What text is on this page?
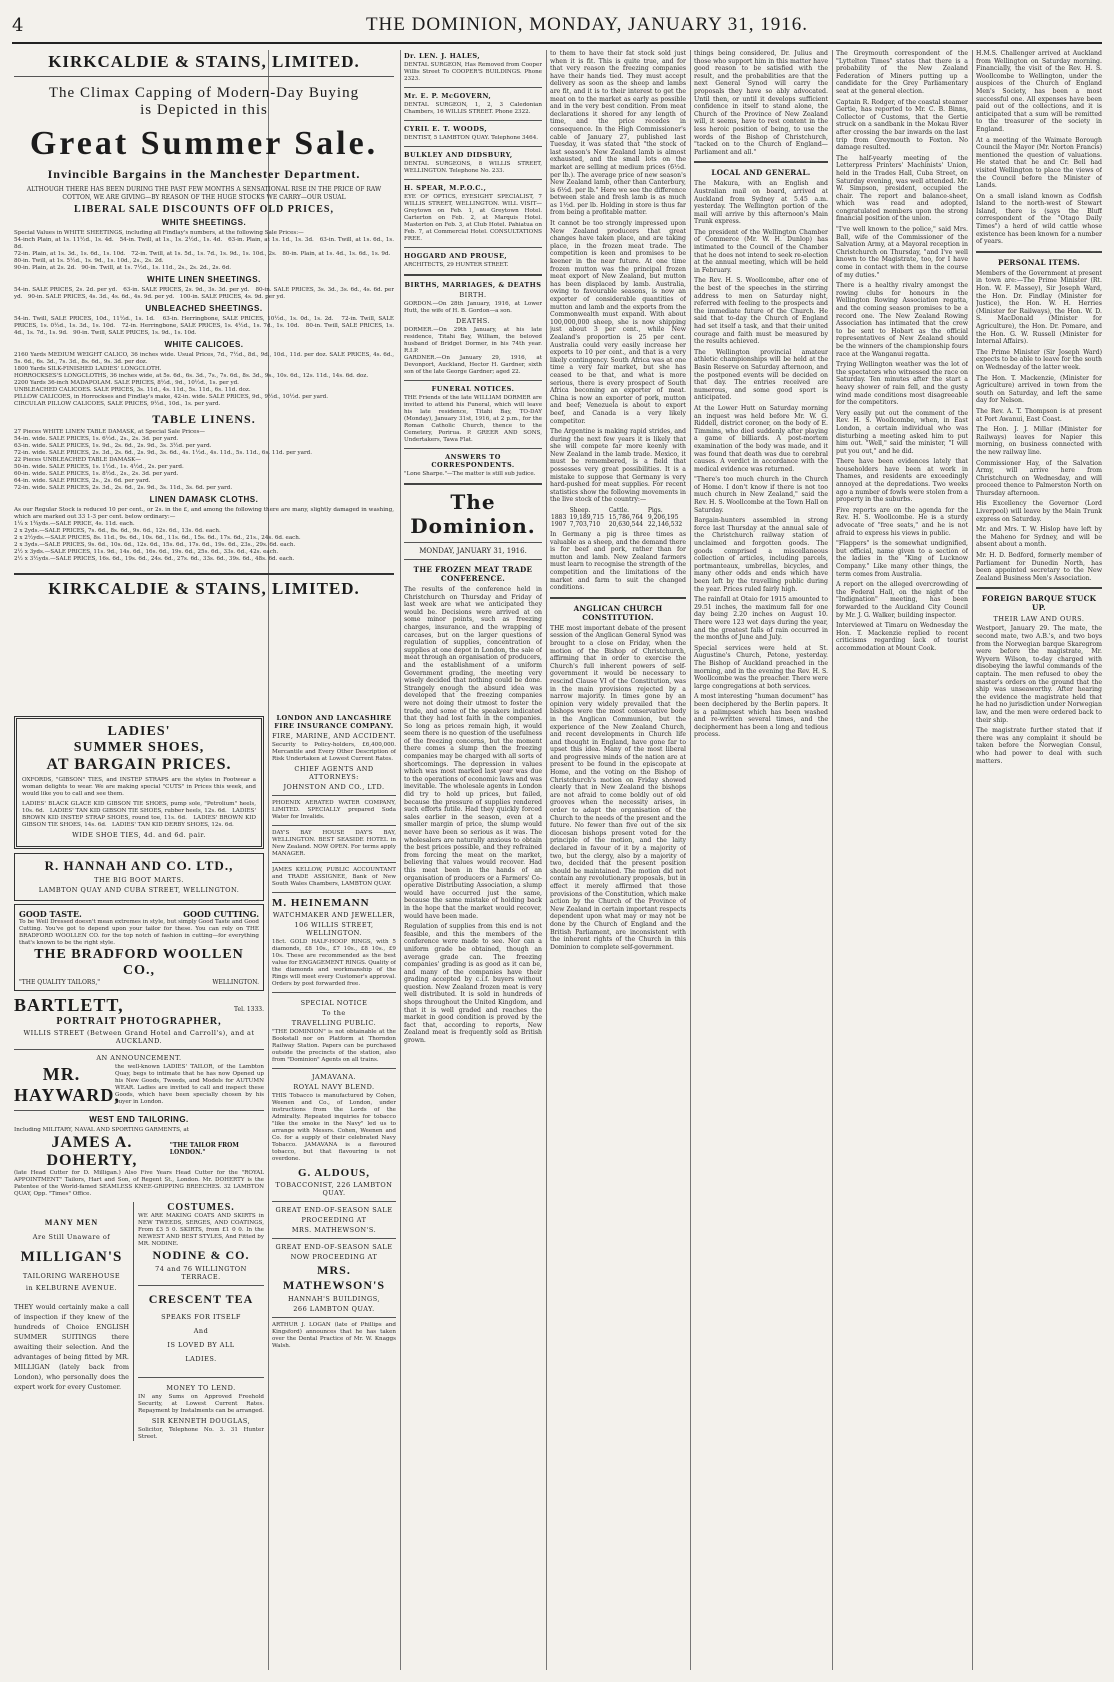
4	THE DOMINION, MONDAY, JANUARY 31, 1916.
KIRKCALDIE & STAINS, LIMITED.
The Climax Capping of Modern-Day Buying
is Depicted in this
Great Summer Sale.
Invincible Bargains in the Manchester Department.
ALTHOUGH THERE HAS BEEN DURING THE PAST FEW MONTHS A SENSATIONAL RISE IN THE PRICE OF RAW COTTON, WE ARE GIVING—BY REASON OF THE HUGE STOCKS WE CARRY—OUR USUAL
LIBERAL SALE DISCOUNTS OFF OLD PRICES,
WHITE SHEETINGS.
Special Values in WHITE SHEETINGS, including all Findlay's numbers, at the following Sale Prices:—
54-inch Plain, at 1s. 11½d., 1s. 4d.   54-in. Twill, at 1s., 1s. 2½d., 1s. 4d.   63-in. Plain, at 1s. 1d., 1s. 3d.   63-in. Twill, at 1s. 6d., 1s. 8d.
72-in. Plain, at 1s. 3d., 1s. 6d., 1s. 10d.   72-in. Twill, at 1s. 5d., 1s. 7d., 1s. 9d., 1s. 10d., 2s.   80-in. Plain, at 1s. 4d., 1s. 6d., 1s. 9d.   80-in. Twill, at 1s. 5½d., 1s. 9d., 1s. 10d., 2s., 2s. 2d.
90-in. Plain, at 2s. 2d.   90-in. Twill, at 1s. 7½d., 1s. 11d., 2s., 2s. 2d., 2s. 6d.
WHITE LINEN SHEETINGS.
54-in. SALE PRICES, 2s. 2d. per yd.   63-in. SALE PRICES, 2s. 9d., 3s. 3d. per yd.   80-in. SALE PRICES, 3s. 3d., 3s. 6d., 4s. 6d. per yd.   90-in. SALE PRICES, 4s. 3d., 4s. 6d., 4s. 9d. per yd.   100-in. SALE PRICES, 4s. 9d. per yd.
UNBLEACHED SHEETINGS.
54-in. Twill, SALE PRICES, 10d., 11½d., 1s. 1d.   63-in. Herringbone, SALE PRICES, 10½d., 1s. 0d., 1s. 2d.   72-in. Twill, SALE PRICES, 1s. 0½d., 1s. 3d., 1s. 10d.   72-in. Herringbone, SALE PRICES, 1s. 4½d., 1s. 7d., 1s. 10d.   80-in. Twill, SALE PRICES, 1s. 4d., 1s. 7d., 1s. 9d.   90-in. Twill, SALE PRICES, 1s. 9d., 1s. 10d.
WHITE CALICOES.
2160 Yards MEDIUM WEIGHT CALICO, 36 inches wide. Usual Prices, 7d., 7½d., 8d., 9d., 10d., 11d. per doz. SALE PRICES, 4s. 6d., 5s. 6d., 6s. 3d., 7s. 3d., 8s. 6d., 9s. 3d. per doz.
1800 Yards SILK-FINISHED LADIES' LONGCLOTH.
HORROCKSES'S LONGCLOTHS, 36 inches wide, at 5s. 6d., 6s. 3d., 7s., 7s. 6d., 8s. 3d., 9s., 10s. 6d., 12s. 11d., 14s. 6d. doz.
2200 Yards 36-inch MADAPOLAM. SALE PRICES, 8½d., 9d., 10½d., 1s. per yd.
UNBLEACHED CALICOES. SALE PRICES, 3s. 11d., 4s. 11d., 5s. 11d., 6s. 11d. doz.
PILLOW CALICOES, in Horrockses and Findlay's make, 42-in. wide. SALE PRICES, 9d., 9½d., 10½d. per yard.
CIRCULAR PILLOW CALICOES, SALE PRICES, 9½d., 10d., 1s. per yard.
TABLE LINENS.
27 Pieces WHITE LINEN TABLE DAMASK, at Special Sale Prices—
54-in. wide. SALE PRICES, 1s. 6½d., 2s., 2s. 3d. per yard.
63-in. wide. SALE PRICES, 1s. 9d., 2s. 6d., 2s. 9d., 3s. 3½d. per yard.
72-in. wide. SALE PRICES, 2s. 3d., 2s. 6d., 2s. 9d., 3s. 6d., 4s. 1½d., 4s. 11d., 5s. 11d., 6s. 11d. per yard.
22 Pieces UNBLEACHED TABLE DAMASK—
50-in. wide. SALE PRICES, 1s. 1½d., 1s. 4½d., 2s. per yard.
60-in. wide. SALE PRICES, 1s. 8½d., 2s., 2s. 3d. per yard.
64-in. wide. SALE PRICES, 2s., 2s. 6d. per yard.
72-in. wide. SALE PRICES, 2s. 3d., 2s. 6d., 2s. 9d., 3s. 11d., 3s. 6d. per yard.
LINEN DAMASK CLOTHS.
As our Regular Stock is reduced 10 per cent., or 2s. in the £, and among the following there are many, slightly damaged in washing, which are marked out 33 1-3 per cent. below ordinary:—
1¼ x 1¾yds.—SALE PRICE, 4s. 11d. each.
2 x 2yds.—SALE PRICES, 7s. 6d., 8s. 6d., 9s. 6d., 12s. 6d., 13s. 6d. each.
2 x 2½yds.—SALE PRICES, 8s. 11d., 9s. 6d., 10s. 6d., 11s. 6d., 15s. 6d., 17s. 6d., 21s., 24s. 6d. each.
2 x 3yds.—SALE PRICES, 9s. 6d., 10s. 6d., 12s. 6d., 15s. 6d., 17s. 6d., 19s. 6d., 23s., 29s. 6d. each.
2½ x 3yds.—SALE PRICES, 11s. 9d., 14s. 6d., 16s. 6d., 19s. 6d., 25s. 6d., 33s. 6d., 42s. each.
2½ x 3½yds.—SALE PRICES, 16s. 6d., 19s. 6d., 24s. 6d., 27s. 6d., 33s. 6d., 39s. 6d., 48s. 6d. each.
KIRKCALDIE & STAINS, LIMITED.
LADIES'
SUMMER SHOES,
AT BARGAIN PRICES.
OXFORDS, "GIBSON" TIES, and INSTEP STRAPS are the styles in Footwear a woman delights to wear. We are making special "CUTS" in Prices this week, and would like you to call and see them.
LADIES' BLACK GLACE KID GIBSON TIE SHOES, pump sole, "Petrolium" heels, 10s. 6d.   LADIES' TAN KID GIBSON TIE SHOES, rubber heels, 12s. 6d.   LADIES' BROWN KID INSTEP STRAP SHOES, round toe, 11s. 6d.   LADIES' BROWN KID GIBSON TIE SHOES, 14s. 6d.   LADIES' TAN KID DERBY SHOES, 12s. 6d.
WIDE SHOE TIES, 4d. and 6d. pair.
R. HANNAH AND CO. LTD.,
THE BIG BOOT MARTS.
LAMBTON QUAY AND CUBA STREET, WELLINGTON.
GOOD TASTE.	GOOD CUTTING.
To be Well Dressed doesn't mean extremes in style, but simply Good Taste and Good Cutting. You've got to depend upon your tailor for these. You can rely on THE BRADFORD WOOLLEN CO. for the top notch of fashion in cutting—for everything that's known to be the right style.
THE BRADFORD WOOLLEN CO.,
"THE QUALITY TAILORS,"	WELLINGTON.
BARTLETT,	Tel. 1333.
PORTRAIT PHOTOGRAPHER,
WILLIS STREET (Between Grand Hotel and Carroll's), and at AUCKLAND.
AN ANNOUNCEMENT.
MR. HAYWARD,
the well-known LADIES' TAILOR, of the Lambton Quay, begs to intimate that he has now Opened up his New Goods, Tweeds, and Models for AUTUMN WEAR. Ladies are invited to call and inspect these Goods, which have been specially chosen by his buyer in London.
WEST END TAILORING.
Including MILITARY, NAVAL AND SPORTING GARMENTS, at
JAMES A. DOHERTY,
"THE TAILOR FROM LONDON."
(late Head Cutter for D. Milligan.) Also Five Years Head Cutter for the "ROYAL APPOINTMENT" Tailors, Hart and Son, of Regent St., London. Mr. DOHERTY is the Patentee of the World-famed SEAMLESS KNEE-GRIPPING BREECHES. 32 LAMBTON QUAY, Opp. "Times" Office.
MANY MEN
Are Still Unaware of
MILLIGAN'S
TAILORING WAREHOUSE
in KELBURNE AVENUE.
THEY would certainly make a call of inspection if they knew of the hundreds of Choice ENGLISH SUMMER SUITINGS there awaiting their selection. And the advantages of being fitted by MR. MILLIGAN (lately back from London), who personally does the expert work for every Customer.
COSTUMES.
WE ARE MAKING COATS AND SKIRTS in NEW TWEEDS, SERGES, AND COATINGS, From £3 5 0. SKIRTS, from £1 0 0. In the NEWEST AND BEST STYLES, And Fitted by MR. NODINE.
NODINE & CO.
74 and 76 WILLINGTON TERRACE.
CRESCENT TEA
SPEAKS FOR ITSELF
And
IS LOVED BY ALL
LADIES.
MONEY TO LEND.
IN any Sums on Approved Freehold Security, at Lowest Current Rates. Repayment by Instalments can be arranged.
SIR KENNETH DOUGLAS,
Solicitor, Telephone No. 3. 31 Hunter Street.
LONDON AND LANCASHIRE FIRE INSURANCE COMPANY.
FIRE, MARINE, AND ACCIDENT.
Security to Policy-holders, £6,400,000. Mercantile and Every Other Description of Risk Undertaken at Lowest Current Rates.
CHIEF AGENTS AND ATTORNEYS:
JOHNSTON AND CO., LTD.
PHOENIX AERATED WATER COMPANY, LIMITED. SPECIALLY prepared Soda Water for Invalids.
DAY'S BAY HOUSE DAY'S BAY, WELLINGTON. BEST SEASIDE HOTEL in New Zealand. NOW OPEN. For terms apply MANAGER.
JAMES KELLOW, PUBLIC ACCOUNTANT and TRADE ASSIGNEE, Bank of New South Wales Chambers, LAMBTON QUAY.
M. HEINEMANN
WATCHMAKER AND JEWELLER,
106 WILLIS STREET, WELLINGTON.
18ct. GOLD HALF-HOOP RINGS, with 5 diamonds, £8 10s., £7 10s., £8 10s., £9 10s. These are recommended as the best value for ENGAGEMENT RINGS. Quality of the diamonds and workmanship of the Rings will meet every Customer's approval. Orders by post forwarded free.
SPECIAL NOTICE
To the
TRAVELLING PUBLIC.
"THE DOMINION" is not obtainable at the Bookstall nor on Platform at Thorndon Railway Station. Papers can be purchased outside the precincts of the station, also from "Dominion" Agents on all trains.
JAMAVANA.
ROYAL NAVY BLEND.
THIS Tobacco is manufactured by Cohen, Weenen and Co., of London, under instructions from the Lords of the Admiralty. Repeated inquiries for tobacco "like the smoke in the Navy" led us to arrange with Messrs. Cohen, Weenen and Co. for a supply of their celebrated Navy Tobacco. JAMAVANA is a flavoured tobacco, but that flavouring is not overdone.
G. ALDOUS,
TOBACCONIST, 226 LAMBTON QUAY.
GREAT END-OF-SEASON SALE
PROCEEDING AT
MRS. MATHEWSON'S.
GREAT END-OF-SEASON SALE
NOW PROCEEDING AT
MRS. MATHEWSON'S
HANNAH'S BUILDINGS,
266 LAMBTON QUAY.
ARTHUR J. LOGAN (late of Phillips and Kingsford) announces that he has taken over the Dental Practice of Mr. W. Knaggs Walsh.
Dr. LEN. J. HALES,
DENTAL SURGEON, Has Removed from Cooper Willis Street To COOPER'S BUILDINGS. Phone 2323.
Mr. E. P. McGOVERN,
DENTAL SURGEON, 1, 2, 3 Caledonian Chambers, 16 WILLIS STREET. Phone 2322.
CYRIL E. T. WOODS,
DENTIST, 5 LAMBTON QUAY. Telephone 3464.
BULKLEY AND DIDSBURY,
DENTAL SURGEONS, 8 WILLIS STREET, WELLINGTON. Telephone No. 233.
H. SPEAR, M.P.O.C.,
EYE OF OPTICS, EYESIGHT SPECIALIST, 7 WILLIS STREET, WELLINGTON. WILL VISIT—Greytown on Feb. 1, at Greytown Hotel. Carterton on Feb. 2, at Marquis Hotel. Masterton on Feb. 3, at Club Hotel. Pahiatua on Feb. 7, at Commercial Hotel. CONSULTATIONS FREE.
HOGGARD AND PROUSE,
ARCHITECTS, 29 HUNTER STREET.
BIRTHS, MARRIAGES, & DEATHS
BIRTH.
GORDON.—On 28th January, 1916, at Lower Hutt, the wife of H. B. Gordon—a son.
DEATHS.
DORMER.—On 29th January, at his late residence, Titahi Bay, William, the beloved husband of Bridget Dormer, in his 74th year. R.I.P.
GARDNER.—On January 29, 1916, at Devonport, Auckland, Hector H. Gardner, sixth son of the late George Gardner; aged 22.
FUNERAL NOTICES.
THE Friends of the late WILLIAM DORMER are invited to attend his Funeral, which will leave his late residence, Titahi Bay, TO-DAY (Monday), January 31st, 1916, at 2 p.m., for the Roman Catholic Church, thence to the Cemetery, Porirua. P. GREER AND SONS, Undertakers, Tawa Flat.
ANSWERS TO CORRESPONDENTS.
"Lone Sharpe."—The matter is still sub judice.
The Dominion.
MONDAY, JANUARY 31, 1916.
THE FROZEN MEAT TRADE CONFERENCE.
The results of the conference held in Christchurch on Thursday and Friday of last week are what we anticipated they would be. Decisions were arrived at on some minor points, such as freezing charges, insurance, and the wrapping of carcases, but on the larger questions of regulation of supplies, concentration of supplies at one depot in London, the sale of meat through an organisation of producers, and the establishment of a uniform Government grading, the meeting very wisely decided that nothing could be done. Strangely enough the absurd idea was developed that the freezing companies were not doing their utmost to foster the trade, and some of the speakers indicated that they had lost faith in the companies. So long as prices remain high, it would seem there is no question of the usefulness of the freezing concerns, but the moment there comes a slump then the freezing companies may be charged with all sorts of shortcomings. The depression in values which was most marked last year was due to the operations of economic laws and was inevitable. The wholesale agents in London did try to hold up prices, but failed, because the pressure of supplies rendered such efforts futile. Had they quickly forced sales earlier in the season, even at a smaller margin of price, the slump would never have been so serious as it was. The wholesalers are naturally anxious to obtain the best prices possible, and they refrained from forcing the meat on the market, believing that values would recover. Had this meat been in the hands of an organisation of producers or a Farmers' Co-operative Distributing Association, a slump would have occurred just the same, because the same mistake of holding back in the hope that the market would recover, would have been made.
Regulation of supplies from this end is not feasible, and this the members of the conference were made to see. Nor can a uniform grade be obtained, though an average grade can. The freezing companies' grading is as good as it can be, and many of the companies have their grading accepted by c.i.f. buyers without question. New Zealand frozen meat is very well distributed. It is sold in hundreds of shops throughout the United Kingdom, and that it is well graded and reaches the market in good condition is proved by the fact that, according to reports, New Zealand meat is frequently sold as British grown.
to them to have their fat stock sold just when it is fit. This is quite true, and for that very reason the freezing companies have their hands tied. They must accept delivery as soon as the sheep and lambs are fit, and it is to their interest to get the meat on to the market as early as possible and in the very best condition. From meat declarations it shored for any length of time, and the price recedes in consequence. In the High Commissioner's cable of January 27, published last Tuesday, it was stated that "the stock of last season's New Zealand lamb is almost exhausted, and the small lots on the market are selling at medium prices (6½d. per lb.). The average price of new season's New Zealand lamb, other than Canterbury, is 6½d. per lb." Here we see the difference between stale and fresh lamb is as much as 1½d. per lb. Holding in store is thus far from being a profitable matter.
It cannot be too strongly impressed upon New Zealand producers that great changes have taken place, and are taking place, in the frozen meat trade. The competition is keen and promises to be keener in the near future. At one time frozen mutton was the principal frozen meat export of New Zealand, but mutton has been displaced by lamb. Australia, owing to favourable seasons, is now an exporter of considerable quantities of mutton and lamb and the exports from the Commonwealth must expand. With about 100,000,000 sheep, she is now shipping just about 3 per cent., while New Zealand's proportion is 25 per cent. Australia could very easily increase her exports to 10 per cent., and that is a very likely contingency. South Africa was at one time a very fair market, but she has ceased to be that, and what is more serious, there is every prospect of South Africa becoming an exporter of meat. China is now an exporter of pork, mutton and beef; Venezuela is about to export beef, and Canada is a very likely competitor.
The Argentine is making rapid strides, and during the next few years it is likely that she will compete far more keenly with New Zealand in the lamb trade. Mexico, it must be remembered, is a field that possesses very great possibilities. It is a mistake to suppose that Germany is very hard-pushed for meat supplies. For recent statistics show the following movements in the live stock of the country:—
	Sheep.	Cattle.	Pigs.
1883	19,189,715	15,786,764	9,206,195
1907	7,703,710	20,630,544	22,146,532
In Germany a pig is three times as valuable as a sheep, and the demand there is for beef and pork, rather than for mutton and lamb. New Zealand farmers must learn to recognise the strength of the competition and the limitations of the market and farm to suit the changed conditions.
ANGLICAN CHURCH CONSTITUTION.
THE most important debate of the present session of the Anglican General Synod was brought to a close on Friday, when the motion of the Bishop of Christchurch, affirming that in order to exercise the Church's full inherent powers of self-government it would be necessary to rescind Clause VI of the Constitution, was in the main provisions rejected by a narrow majority. In times gone by an opinion very widely prevailed that the bishops were the most conservative body in the Anglican Communion, but the experience of the New Zealand Church, and recent developments in Church life and thought in England, have gone far to upset this idea. Many of the most liberal and progressive minds of the nation are at present to be found in the episcopate at Home, and the voting on the Bishop of Christchurch's motion on Friday showed clearly that in New Zealand the bishops are not afraid to come boldly out of old grooves when the necessity arises, in order to adapt the organisation of the Church to the needs of the present and the future. No fewer than five out of the six diocesan bishops present voted for the principle of the motion, and the laity declared in favour of it by a majority of two, but the clergy, also by a majority of two, decided that the present position should be maintained. The motion did not contain any revolutionary proposals, but in effect it merely affirmed that those provisions of the Constitution, which make action by the Church of the Province of New Zealand in certain important respects dependent upon what may or may not be done by the Church of England and the British Parliament, are inconsistent with the inherent rights of the Church in this Dominion to complete self-government.
things being considered, Dr. Julius and those who support him in this matter have good reason to be satisfied with the result, and the probabilities are that the next General Synod will carry the proposals they have so ably advocated. Until then, or until it develops sufficient confidence in itself to stand alone, the Church of the Province of New Zealand will, it seems, have to rest content in the less heroic position of being, to use the words of the Bishop of Christchurch, "tacked on to the Church of England—Parliament and all."
LOCAL AND GENERAL.
The Makura, with an English and Australian mail on board, arrived at Auckland from Sydney at 5.45 a.m. yesterday. The Wellington portion of the mail will arrive by this afternoon's Main Trunk express.
The president of the Wellington Chamber of Commerce (Mr. W. H. Dunlop) has intimated to the Council of the Chamber that he does not intend to seek re-election at the annual meeting, which will be held in February.
The Rev. H. S. Woollcombe, after one of the best of the speeches in the stirring address to men on Saturday night, referred with feeling to the prospects and the immediate future of the Church. He said that to-day the Church of England had set itself a task, and that their united courage and faith must be measured by the results achieved.
The Wellington provincial amateur athletic championships will be held at the Basin Reserve on Saturday afternoon, and the postponed events will be decided on that day. The entries received are numerous, and some good sport is anticipated.
At the Lower Hutt on Saturday morning an inquest was held before Mr. W. G. Riddell, district coroner, on the body of E. Timmins, who died suddenly after playing a game of billiards. A post-mortem examination of the body was made, and it was found that death was due to cerebral causes. A verdict in accordance with the medical evidence was returned.
"There's too much church in the Church of Home. I don't know if there is not too much church in New Zealand," said the Rev. H. S. Woollcombe at the Town Hall on Saturday.
Bargain-hunters assembled in strong force last Thursday at the annual sale of the Christchurch railway station of unclaimed and forgotten goods. The goods comprised a miscellaneous collection of articles, including parcels, portmanteaux, umbrellas, bicycles, and many other odds and ends which have been left by the travelling public during the year. Prices ruled fairly high.
The rainfall at Otaio for 1915 amounted to 29.51 inches, the maximum fall for one day being 2.20 inches on August 10. There were 123 wet days during the year, and the greatest falls of rain occurred in the months of June and July.
Special services were held at St. Augustine's Church, Petone, yesterday. The Bishop of Auckland preached in the morning, and in the evening the Rev. H. S. Woollcombe was the preacher. There were large congregations at both services.
A most interesting "human document" has been deciphered by the Berlin papers. It is a palimpsest which has been washed and re-written several times, and the decipherment has been a long and tedious process.
The Greymouth correspondent of the "Lyttelton Times" states that there is a probability of the New Zealand Federation of Miners putting up a candidate for the Grey Parliamentary seat at the general election.
Captain R. Rodger, of the coastal steamer Gertie, has reported to Mr. C. B. Binns, Collector of Customs, that the Gertie struck on a sandbank in the Mokau River after crossing the bar inwards on the last trip from Greymouth to Foxton. No damage resulted.
The half-yearly meeting of the Letterpress Printers' Machinists' Union, held in the Trades Hall, Cuba Street, on Saturday evening, was well attended. Mr. W. Simpson, president, occupied the chair. The report and balance-sheet, which was read and adopted, congratulated members upon the strong financial position of the union.
"I've well known to the police," said Mrs. Ball, wife of the Commissioner of the Salvation Army, at a Mayoral reception in Christchurch on Thursday, "and I've well known to the Magistrate, too, for I have come in contact with them in the course of my duties."
There is a healthy rivalry amongst the rowing clubs for honours in the Wellington Rowing Association regatta, and the coming season promises to be a record one. The New Zealand Rowing Association has intimated that the crew to be sent to Hobart as the official representatives of New Zealand should be the winners of the championship fours race at the Wanganui regatta.
Trying Wellington weather was the lot of the spectators who witnessed the race on Saturday. Ten minutes after the start a heavy shower of rain fell, and the gusty wind made conditions most disagreeable for the competitors.
Very easily put out the comment of the Rev. H. S. Woollcombe, when, in East London, a certain individual who was disturbing a meeting asked him to put him out. "Well," said the minister, "I will put you out," and he did.
There have been evidences lately that householders have been at work in Thames, and residents are exceedingly annoyed at the depredations. Two weeks ago a number of fowls were stolen from a property in the suburbs.
Five reports are on the agenda for the Rev. H. S. Woollcombe. He is a sturdy advocate of "free seats," and he is not afraid to express his views in public.
"Flappers" is the somewhat undignified, but official, name given to a section of the ladies in the "King of Lucknow Company." Like many other things, the term comes from Australia.
A report on the alleged overcrowding of the Federal Hall, on the night of the "Indignation" meeting, has been forwarded to the Auckland City Council by Mr. J. G. Walker, building inspector.
Interviewed at Timaru on Wednesday the Hon. T. Mackenzie replied to recent criticisms regarding lack of tourist accommodation at Mount Cook.
H.M.S. Challenger arrived at Auckland from Wellington on Saturday morning. Financially, the visit of the Rev. H. S. Woollcombe to Wellington, under the auspices of the Church of England Men's Society, has been a most successful one. All expenses have been paid out of the collections, and it is anticipated that a sum will be remitted to the treasurer of the society in England.
At a meeting of the Waimate Borough Council the Mayor (Mr. Norton Francis) mentioned the question of valuations. He stated that he and Cr. Bell had visited Wellington to place the views of the Council before the Minister of Lands.
On a small island known as Codfish Island to the north-west of Stewart Island, there is (says the Bluff correspondent of the "Otago Daily Times") a herd of wild cattle whose existence has been known for a number of years.
PERSONAL ITEMS.
Members of the Government at present in town are:—The Prime Minister (Rt. Hon. W. F. Massey), Sir Joseph Ward, the Hon. Dr. Findlay (Minister for Justice), the Hon. W. H. Herries (Minister for Railways), the Hon. W. D. S. MacDonald (Minister for Agriculture), the Hon. Dr. Pomare, and the Hon. G. W. Russell (Minister for Internal Affairs).
The Prime Minister (Sir Joseph Ward) expects to be able to leave for the south on Wednesday of the latter week.
The Hon. T. Mackenzie, (Minister for Agriculture) arrived in town from the south on Saturday, and left the same day for Nelson.
The Rev. A. T. Thompson is at present at Port Awanui, East Coast.
The Hon. J. J. Millar (Minister for Railways) leaves for Napier this morning, on business connected with the new railway line.
Commissioner Hay, of the Salvation Army, will arrive here from Christchurch on Wednesday, and will proceed thence to Palmerston North on Thursday afternoon.
His Excellency the Governor (Lord Liverpool) will leave by the Main Trunk express on Saturday.
Mr. and Mrs. T. W. Hislop have left by the Maheno for Sydney, and will be absent about a month.
Mr. H. D. Bedford, formerly member of Parliament for Dunedin North, has been appointed secretary to the New Zealand Business Men's Association.
FOREIGN BARQUE STUCK UP.
THEIR LAW AND OURS.
Westport, January 29. The mate, the second mate, two A.B.'s, and two boys from the Norwegian barque Skaregrom were before the magistrate, Mr. Wyvern Wilson, to-day charged with disobeying the lawful commands of the captain. The men refused to obey the master's orders on the ground that the ship was unseaworthy. After hearing the evidence the magistrate held that he had no jurisdiction under Norwegian law, and the men were ordered back to their ship.
The magistrate further stated that if there was any complaint it should be taken before the Norwegian Consul, who had power to deal with such matters.
